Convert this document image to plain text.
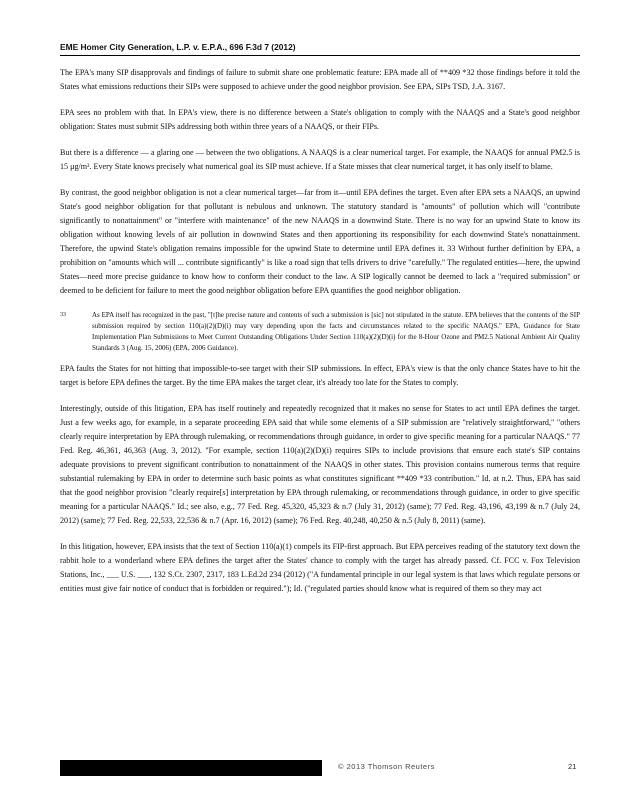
EME Homer City Generation, L.P. v. E.P.A., 696 F.3d 7 (2012)

The EPA's many SIP disapprovals and findings of failure to submit share one problematic feature: EPA made all of **409 *32 those findings before it told the States what emissions reductions their SIPs were supposed to achieve under the good neighbor provision. See EPA, SIPs TSD, J.A. 3167.

EPA sees no problem with that. In EPA's view, there is no difference between a State's obligation to comply with the NAAQS and a State's good neighbor obligation: States must submit SIPs addressing both within three years of a NAAQS, or their FIPs.

But there is a difference — a glaring one — between the two obligations. A NAAQS is a clear numerical target. For example, the NAAQS for annual PM2.5 is 15 μg/m³. Every State knows precisely what numerical goal its SIP must achieve. If a State misses that clear numerical target, it has only itself to blame.

By contrast, the good neighbor obligation is not a clear numerical target—far from it—until EPA defines the target. Even after EPA sets a NAAQS, an upwind State's good neighbor obligation for that pollutant is nebulous and unknown. The statutory standard is "amounts" of pollution which will "contribute significantly to nonattainment" or "interfere with maintenance" of the new NAAQS in a downwind State. There is no way for an upwind State to know its obligation without knowing levels of air pollution in downwind States and then apportioning its responsibility for each downwind State's nonattainment. Therefore, the upwind State's obligation remains impossible for the upwind State to determine until EPA defines it. 33 Without further definition by EPA, a prohibition on "amounts which will ... contribute significantly" is like a road sign that tells drivers to drive "carefully." The regulated entities—here, the upwind States—need more precise guidance to know how to conform their conduct to the law. A SIP logically cannot be deemed to lack a "required submission" or deemed to be deficient for failure to meet the good neighbor obligation before EPA quantifies the good neighbor obligation.

33	As EPA itself has recognized in the past, "[t]he precise nature and contents of such a submission is [sic] not stipulated in the statute. EPA believes that the contents of the SIP submission required by section 110(a)(2)(D)(i) may vary depending upon the facts and circumstances related to the specific NAAQS." EPA, Guidance for State Implementation Plan Submissions to Meet Current Outstanding Obligations Under Section 110(a)(2)(D)(i) for the 8-Hour Ozone and PM2.5 National Ambient Air Quality Standards 3 (Aug. 15, 2006) (EPA, 2006 Guidance).

EPA faults the States for not hitting that impossible-to-see target with their SIP submissions. In effect, EPA's view is that the only chance States have to hit the target is before EPA defines the target. By the time EPA makes the target clear, it's already too late for the States to comply.

Interestingly, outside of this litigation, EPA has itself routinely and repeatedly recognized that it makes no sense for States to act until EPA defines the target. Just a few weeks ago, for example, in a separate proceeding EPA said that while some elements of a SIP submission are "relatively straightforward," "others clearly require interpretation by EPA through rulemaking, or recommendations through guidance, in order to give specific meaning for a particular NAAQS." 77 Fed. Reg. 46,361, 46,363 (Aug. 3, 2012). "For example, section 110(a)(2)(D)(i) requires SIPs to include provisions that ensure each state's SIP contains adequate provisions to prevent significant contribution to nonattainment of the NAAQS in other states. This provision contains numerous terms that require substantial rulemaking by EPA in order to determine such basic points as what constitutes significant **409 *33 contribution." Id. at n.2. Thus, EPA has said that the good neighbor provision "clearly require[s] interpretation by EPA through rulemaking, or recommendations through guidance, in order to give specific meaning for a particular NAAQS." Id.; see also, e.g., 77 Fed. Reg. 45,320, 45,323 & n.7 (July 31, 2012) (same); 77 Fed. Reg. 43,196, 43,199 & n.7 (July 24, 2012) (same); 77 Fed. Reg. 22,533, 22,536 & n.7 (Apr. 16, 2012) (same); 76 Fed. Reg. 40,248, 40,250 & n.5 (July 8, 2011) (same).

In this litigation, however, EPA insists that the text of Section 110(a)(1) compels its FIP-first approach. But EPA perceives reading of the statutory text down the rabbit hole to a wonderland where EPA defines the target after the States' chance to comply with the target has already passed. Cf. FCC v. Fox Television Stations, Inc., ___ U.S. ___, 132 S.Ct. 2307, 2317, 183 L.Ed.2d 234 (2012) ("A fundamental principle in our legal system is that laws which regulate persons or entities must give fair notice of conduct that is forbidden or required."); Id. ("regulated parties should know what is required of them so they may act

© 2013 Thomson Reuters	21
